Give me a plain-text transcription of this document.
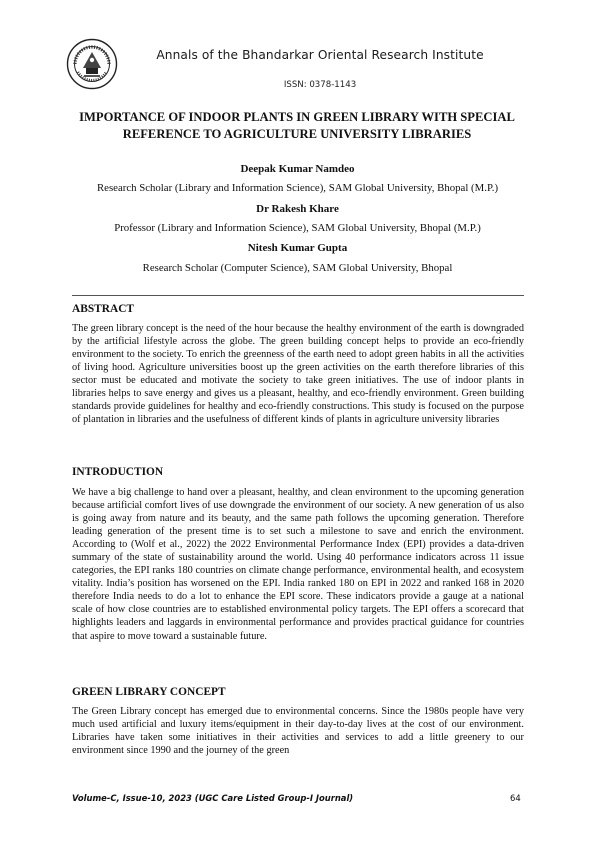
Annals of the Bhandarkar Oriental Research Institute
ISSN: 0378-1143
IMPORTANCE OF INDOOR PLANTS IN GREEN LIBRARY WITH SPECIAL REFERENCE TO AGRICULTURE UNIVERSITY LIBRARIES
Deepak Kumar Namdeo
Research Scholar (Library and Information Science), SAM Global University, Bhopal (M.P.)
Dr Rakesh Khare
Professor (Library and Information Science), SAM Global University, Bhopal (M.P.)
Nitesh Kumar Gupta
Research Scholar (Computer Science), SAM Global University, Bhopal
ABSTRACT
The green library concept is the need of the hour because the healthy environment of the earth is downgraded by the artificial lifestyle across the globe. The green building concept helps to provide an eco-friendly environment to the society. To enrich the greenness of the earth need to adopt green habits in all the activities of living hood. Agriculture universities boost up the green activities on the earth therefore libraries of this sector must be educated and motivate the society to take green initiatives. The use of indoor plants in libraries helps to save energy and gives us a pleasant, healthy, and eco-friendly environment. Green building standards provide guidelines for healthy and eco-friendly constructions. This study is focused on the purpose of plantation in libraries and the usefulness of different kinds of plants in agriculture university libraries
INTRODUCTION
We have a big challenge to hand over a pleasant, healthy, and clean environment to the upcoming generation because artificial comfort lives of use downgrade the environment of our society. A new generation of us also is going away from nature and its beauty, and the same path follows the upcoming generation. Therefore leading generation of the present time is to set such a milestone to save and enrich the environment. According to (Wolf et al., 2022) the 2022 Environmental Performance Index (EPI) provides a data-driven summary of the state of sustainability around the world. Using 40 performance indicators across 11 issue categories, the EPI ranks 180 countries on climate change performance, environmental health, and ecosystem vitality. India’s position has worsened on the EPI. India ranked 180 on EPI in 2022 and ranked 168 in 2020 therefore India needs to do a lot to enhance the EPI score. These indicators provide a gauge at a national scale of how close countries are to established environmental policy targets. The EPI offers a scorecard that highlights leaders and laggards in environmental performance and provides practical guidance for countries that aspire to move toward a sustainable future.
GREEN LIBRARY CONCEPT
The Green Library concept has emerged due to environmental concerns. Since the 1980s people have very much used artificial and luxury items/equipment in their day-to-day lives at the cost of our environment. Libraries have taken some initiatives in their activities and services to add a little greenery to our environment since 1990 and the journey of the green
Volume-C, Issue-10, 2023 (UGC Care Listed Group-I Journal)	64
